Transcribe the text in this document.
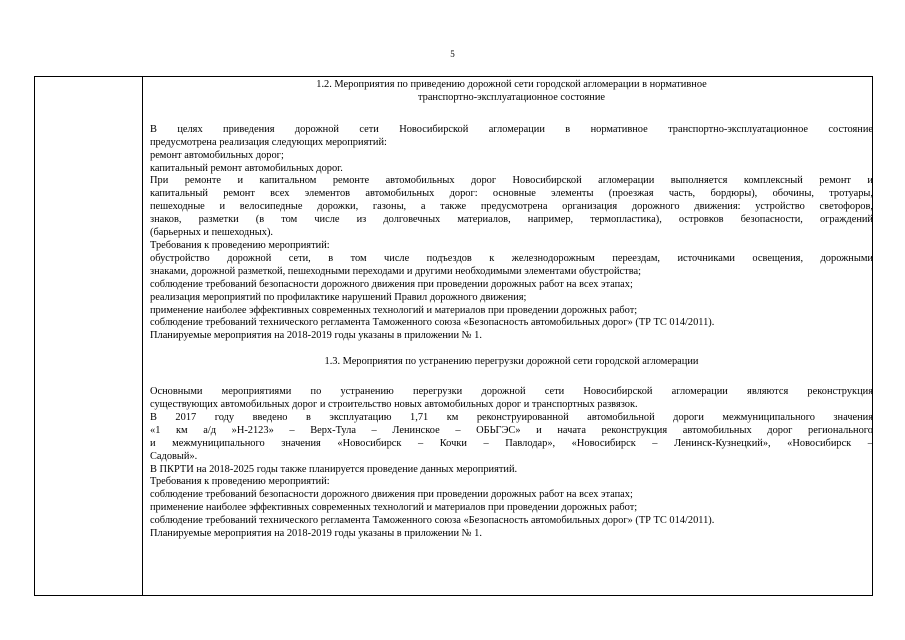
5

1.2. Мероприятия по приведению дорожной сети городской агломерации в нормативное

транспортно-эксплуатационное состояние

В целях приведения дорожной сети Новосибирской агломерации в нормативное транспортно-эксплуатационное состояние
предусмотрена реализация следующих мероприятий:
ремонт автомобильных дорог;
капитальный ремонт автомобильных дорог.
При ремонте и капитальном ремонте автомобильных дорог Новосибирской агломерации выполняется комплексный ремонт и
капитальный ремонт всех элементов автомобильных дорог: основные элементы (проезжая часть, бордюры), обочины, тротуары,
пешеходные и велосипедные дорожки, газоны, а также предусмотрена организация дорожного движения: устройство светофоров,
знаков, разметки (в том числе из долговечных материалов, например, термопластика), островков безопасности, ограждений
(барьерных и пешеходных).
Требования к проведению мероприятий:
обустройство дорожной сети, в том числе подъездов к железнодорожным переездам, источниками освещения, дорожными
знаками, дорожной разметкой, пешеходными переходами и другими необходимыми элементами обустройства;
соблюдение требований безопасности дорожного движения при проведении дорожных работ на всех этапах;
реализация мероприятий по профилактике нарушений Правил дорожного движения;
применение наиболее эффективных современных технологий и материалов при проведении дорожных работ;
соблюдение требований технического регламента Таможенного союза «Безопасность автомобильных дорог» (ТР ТС 014/2011).
Планируемые мероприятия на 2018-2019 годы указаны в приложении № 1.

1.3. Мероприятия по устранению перегрузки дорожной сети городской агломерации

Основными мероприятиями по устранению перегрузки дорожной сети Новосибирской агломерации являются реконструкция
существующих автомобильных дорог и строительство новых автомобильных дорог и транспортных развязок.
В 2017 году введено в эксплуатацию 1,71 км реконструированной автомобильной дороги межмуниципального значения
«1 км а/д »Н-2123» – Верх-Тула – Ленинское – ОБЬГЭС» и начата реконструкция автомобильных дорог регионального
и межмуниципального значения «Новосибирск – Кочки – Павлодар», «Новосибирск – Ленинск-Кузнецкий», «Новосибирск –
Садовый».
В ПКРТИ на 2018-2025 годы также планируется проведение данных мероприятий.
Требования к проведению мероприятий:
соблюдение требований безопасности дорожного движения при проведении дорожных работ на всех этапах;
применение наиболее эффективных современных технологий и материалов при проведении дорожных работ;
соблюдение требований технического регламента Таможенного союза «Безопасность автомобильных дорог» (ТР ТС 014/2011).
Планируемые мероприятия на 2018-2019 годы указаны в приложении № 1.
